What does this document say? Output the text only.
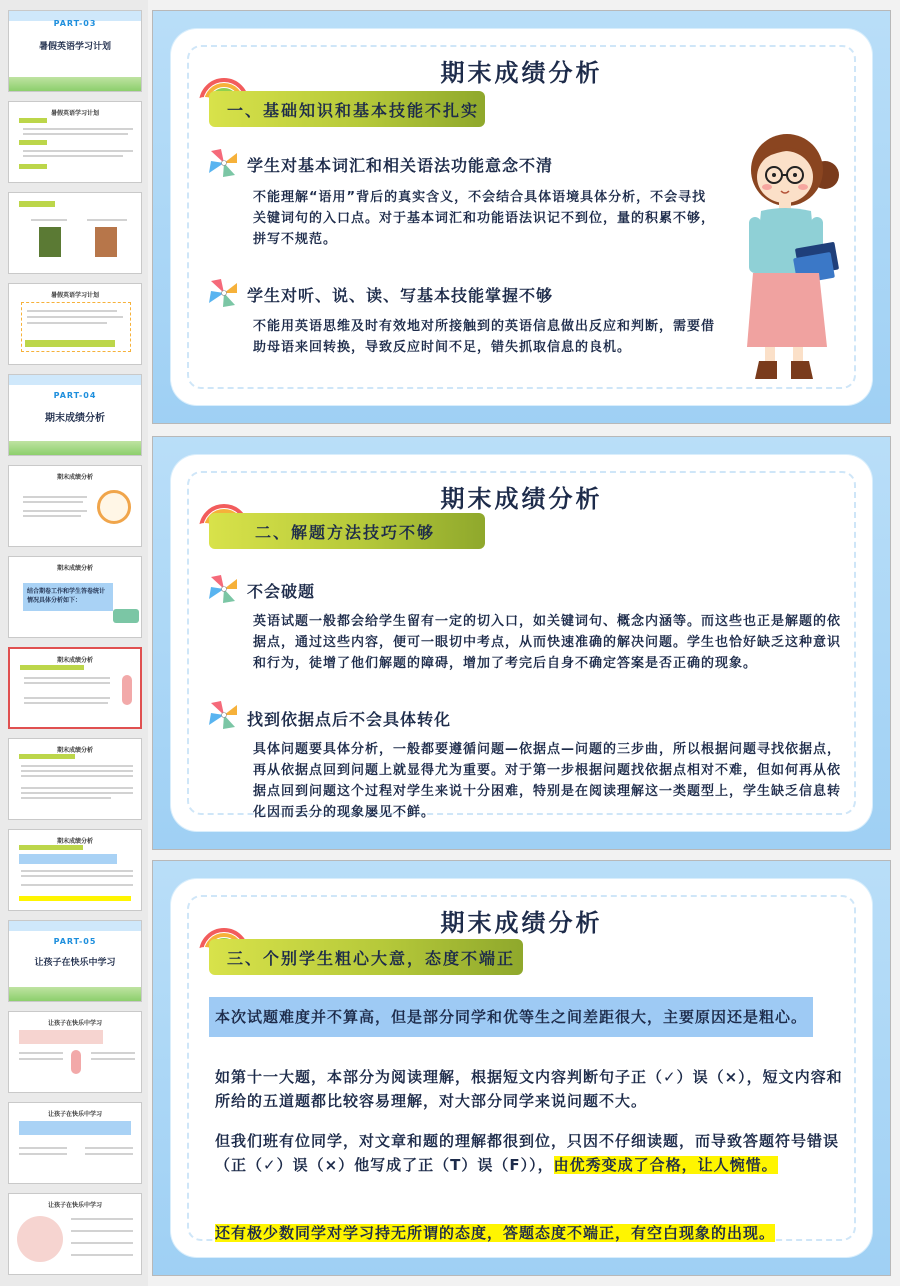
PART-03
暑假英语学习计划
暑假英语学习计划
暑假英语学习计划
PART-04
期末成绩分析
期末成绩分析
期末成绩分析
结合期卷工作和学生答卷统计情况具体分析如下：
期末成绩分析
期末成绩分析
期末成绩分析
PART-05
让孩子在快乐中学习
让孩子在快乐中学习
让孩子在快乐中学习
让孩子在快乐中学习
期末成绩分析
一、基础知识和基本技能不扎实
学生对基本词汇和相关语法功能意念不清
不能理解“语用”背后的真实含义，不会结合具体语境具体分析，不会寻找关键词句的入口点。对于基本词汇和功能语法识记不到位，量的积累不够，拼写不规范。
学生对听、说、读、写基本技能掌握不够
不能用英语思维及时有效地对所接触到的英语信息做出反应和判断，需要借助母语来回转换，导致反应时间不足，错失抓取信息的良机。
期末成绩分析
二、解题方法技巧不够
不会破题
英语试题一般都会给学生留有一定的切入口，如关键词句、概念内涵等。而这些也正是解题的依据点，通过这些内容，便可一眼切中考点，从而快速准确的解决问题。学生也恰好缺乏这种意识和行为，徒增了他们解题的障碍，增加了考完后自身不确定答案是否正确的现象。
找到依据点后不会具体转化
具体问题要具体分析，一般都要遵循问题—依据点—问题的三步曲，所以根据问题寻找依据点，再从依据点回到问题上就显得尤为重要。对于第一步根据问题找依据点相对不难，但如何再从依据点回到问题这个过程对学生来说十分困难，特别是在阅读理解这一类题型上，学生缺乏信息转化因而丢分的现象屡见不鲜。
期末成绩分析
三、个别学生粗心大意，态度不端正
本次试题难度并不算高，但是部分同学和优等生之间差距很大，主要原因还是粗心。
如第十一大题，本部分为阅读理解，根据短文内容判断句子正（✓）误（×），短文内容和所给的五道题都比较容易理解，对大部分同学来说问题不大。
但我们班有位同学，对文章和题的理解都很到位，只因不仔细读题，而导致答题符号错误（正（✓）误（×）他写成了正（T）误（F）），由优秀变成了合格，让人惋惜。
还有极少数同学对学习持无所谓的态度，答题态度不端正，有空白现象的出现。
